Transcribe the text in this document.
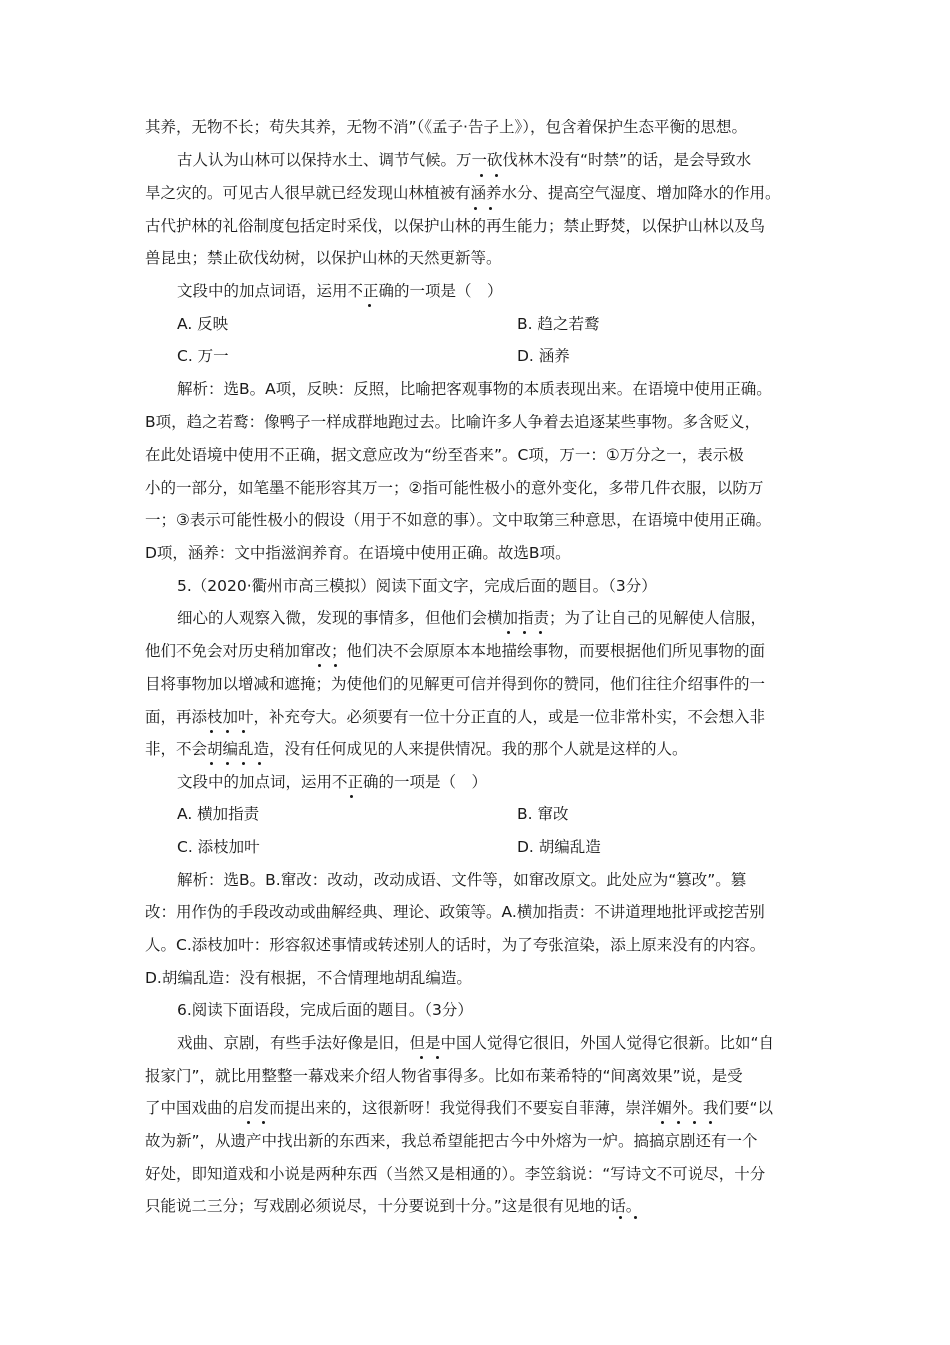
其养，无物不长；苟失其养，无物不消”（《孟子·告子上》），包含着保护生态平衡的思想。
古人认为山林可以保持水土、调节气候。万一砍伐林木没有“时禁”的话，是会导致水
旱之灾的。可见古人很早就已经发现山林植被有涵养水分、提高空气湿度、增加降水的作用。
古代护林的礼俗制度包括定时采伐，以保护山林的再生能力；禁止野焚，以保护山林以及鸟
兽昆虫；禁止砍伐幼树，以保护山林的天然更新等。
文段中的加点词语，运用不正确的一项是（　）
A. 反映	B. 趋之若鹜
C. 万一	D. 涵养
解析：选B。A项，反映：反照，比喻把客观事物的本质表现出来。在语境中使用正确。
B项，趋之若鹜：像鸭子一样成群地跑过去。比喻许多人争着去追逐某些事物。多含贬义，
在此处语境中使用不正确，据文意应改为“纷至沓来”。C项，万一：①万分之一，表示极
小的一部分，如笔墨不能形容其万一；②指可能性极小的意外变化，多带几件衣服，以防万
一；③表示可能性极小的假设（用于不如意的事）。文中取第三种意思，在语境中使用正确。
D项，涵养：文中指滋润养育。在语境中使用正确。故选B项。
5.（2020·衢州市高三模拟）阅读下面文字，完成后面的题目。（3分）
细心的人观察入微，发现的事情多，但他们会横加指责；为了让自己的见解使人信服，
他们不免会对历史稍加窜改；他们决不会原原本本地描绘事物，而要根据他们所见事物的面
目将事物加以增减和遮掩；为使他们的见解更可信并得到你的赞同，他们往往介绍事件的一
面，再添枝加叶，补充夸大。必须要有一位十分正直的人，或是一位非常朴实，不会想入非
非，不会胡编乱造，没有任何成见的人来提供情况。我的那个人就是这样的人。
文段中的加点词，运用不正确的一项是（　）
A. 横加指责	B. 窜改
C. 添枝加叶	D. 胡编乱造
解析：选B。B.窜改：改动，改动成语、文件等，如窜改原文。此处应为“篡改”。篡
改：用作伪的手段改动或曲解经典、理论、政策等。A.横加指责：不讲道理地批评或挖苦别
人。C.添枝加叶：形容叙述事情或转述别人的话时，为了夸张渲染，添上原来没有的内容。
D.胡编乱造：没有根据，不合情理地胡乱编造。
6.阅读下面语段，完成后面的题目。（3分）
戏曲、京剧，有些手法好像是旧，但是中国人觉得它很旧，外国人觉得它很新。比如“自
报家门”，就比用整整一幕戏来介绍人物省事得多。比如布莱希特的“间离效果”说，是受
了中国戏曲的启发而提出来的，这很新呀！我觉得我们不要妄自菲薄，崇洋媚外。我们要“以
故为新”，从遗产中找出新的东西来，我总希望能把古今中外熔为一炉。搞搞京剧还有一个
好处，即知道戏和小说是两种东西（当然又是相通的）。李笠翁说：“写诗文不可说尽，十分
只能说二三分；写戏剧必须说尽，十分要说到十分。”这是很有见地的话。
